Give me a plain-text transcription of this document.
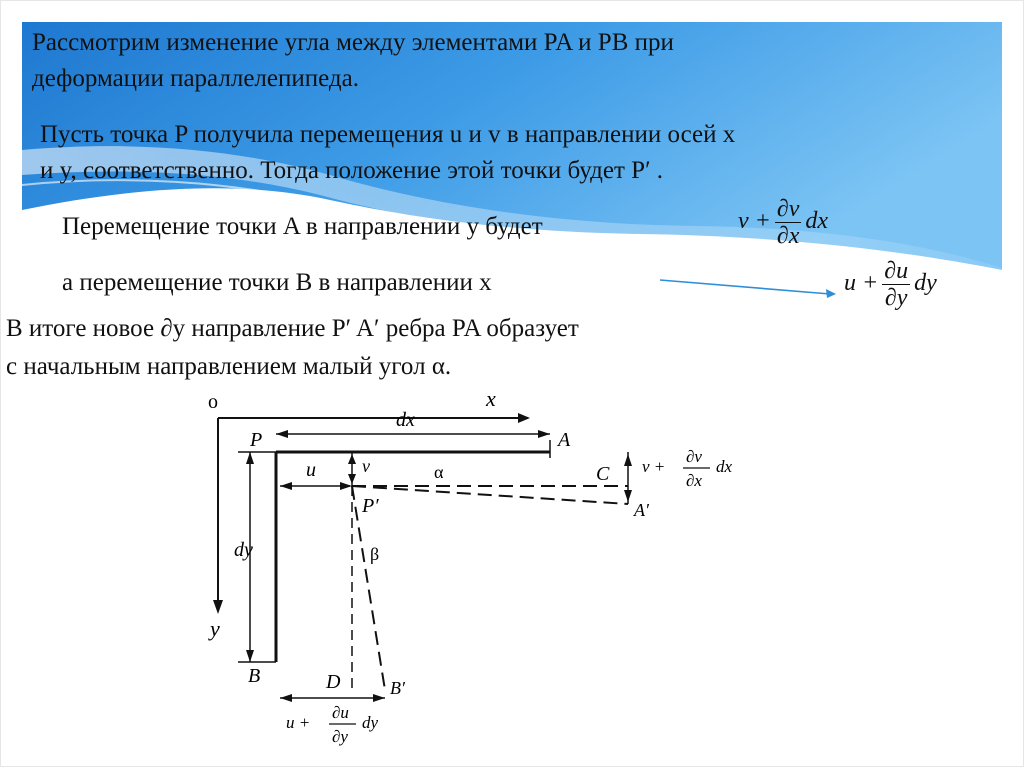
Рассмотрим изменение угла между элементами PA и PB при
деформации параллелепипеда.
Пусть точка P получила перемещения u и v в направлении осей x
и y, соответственно. Тогда положение этой точки будет P′ .
Перемещение точки A в направлении y будет	$v + \frac{\partial v}{\partial x}$ dx
а перемещение точки B в направлении x	$u + \frac{\partial u}{\partial y}$ dy
В итоге новое ∂y направление P′ A′ ребра PA образует
с начальным направлением малый угол α.
o	x
y
P	A
B
dx
dy
u	v
P′
α
β
C
A′
v +
∂v
∂x
dx
D	B′
u +
∂u
∂y
dy
